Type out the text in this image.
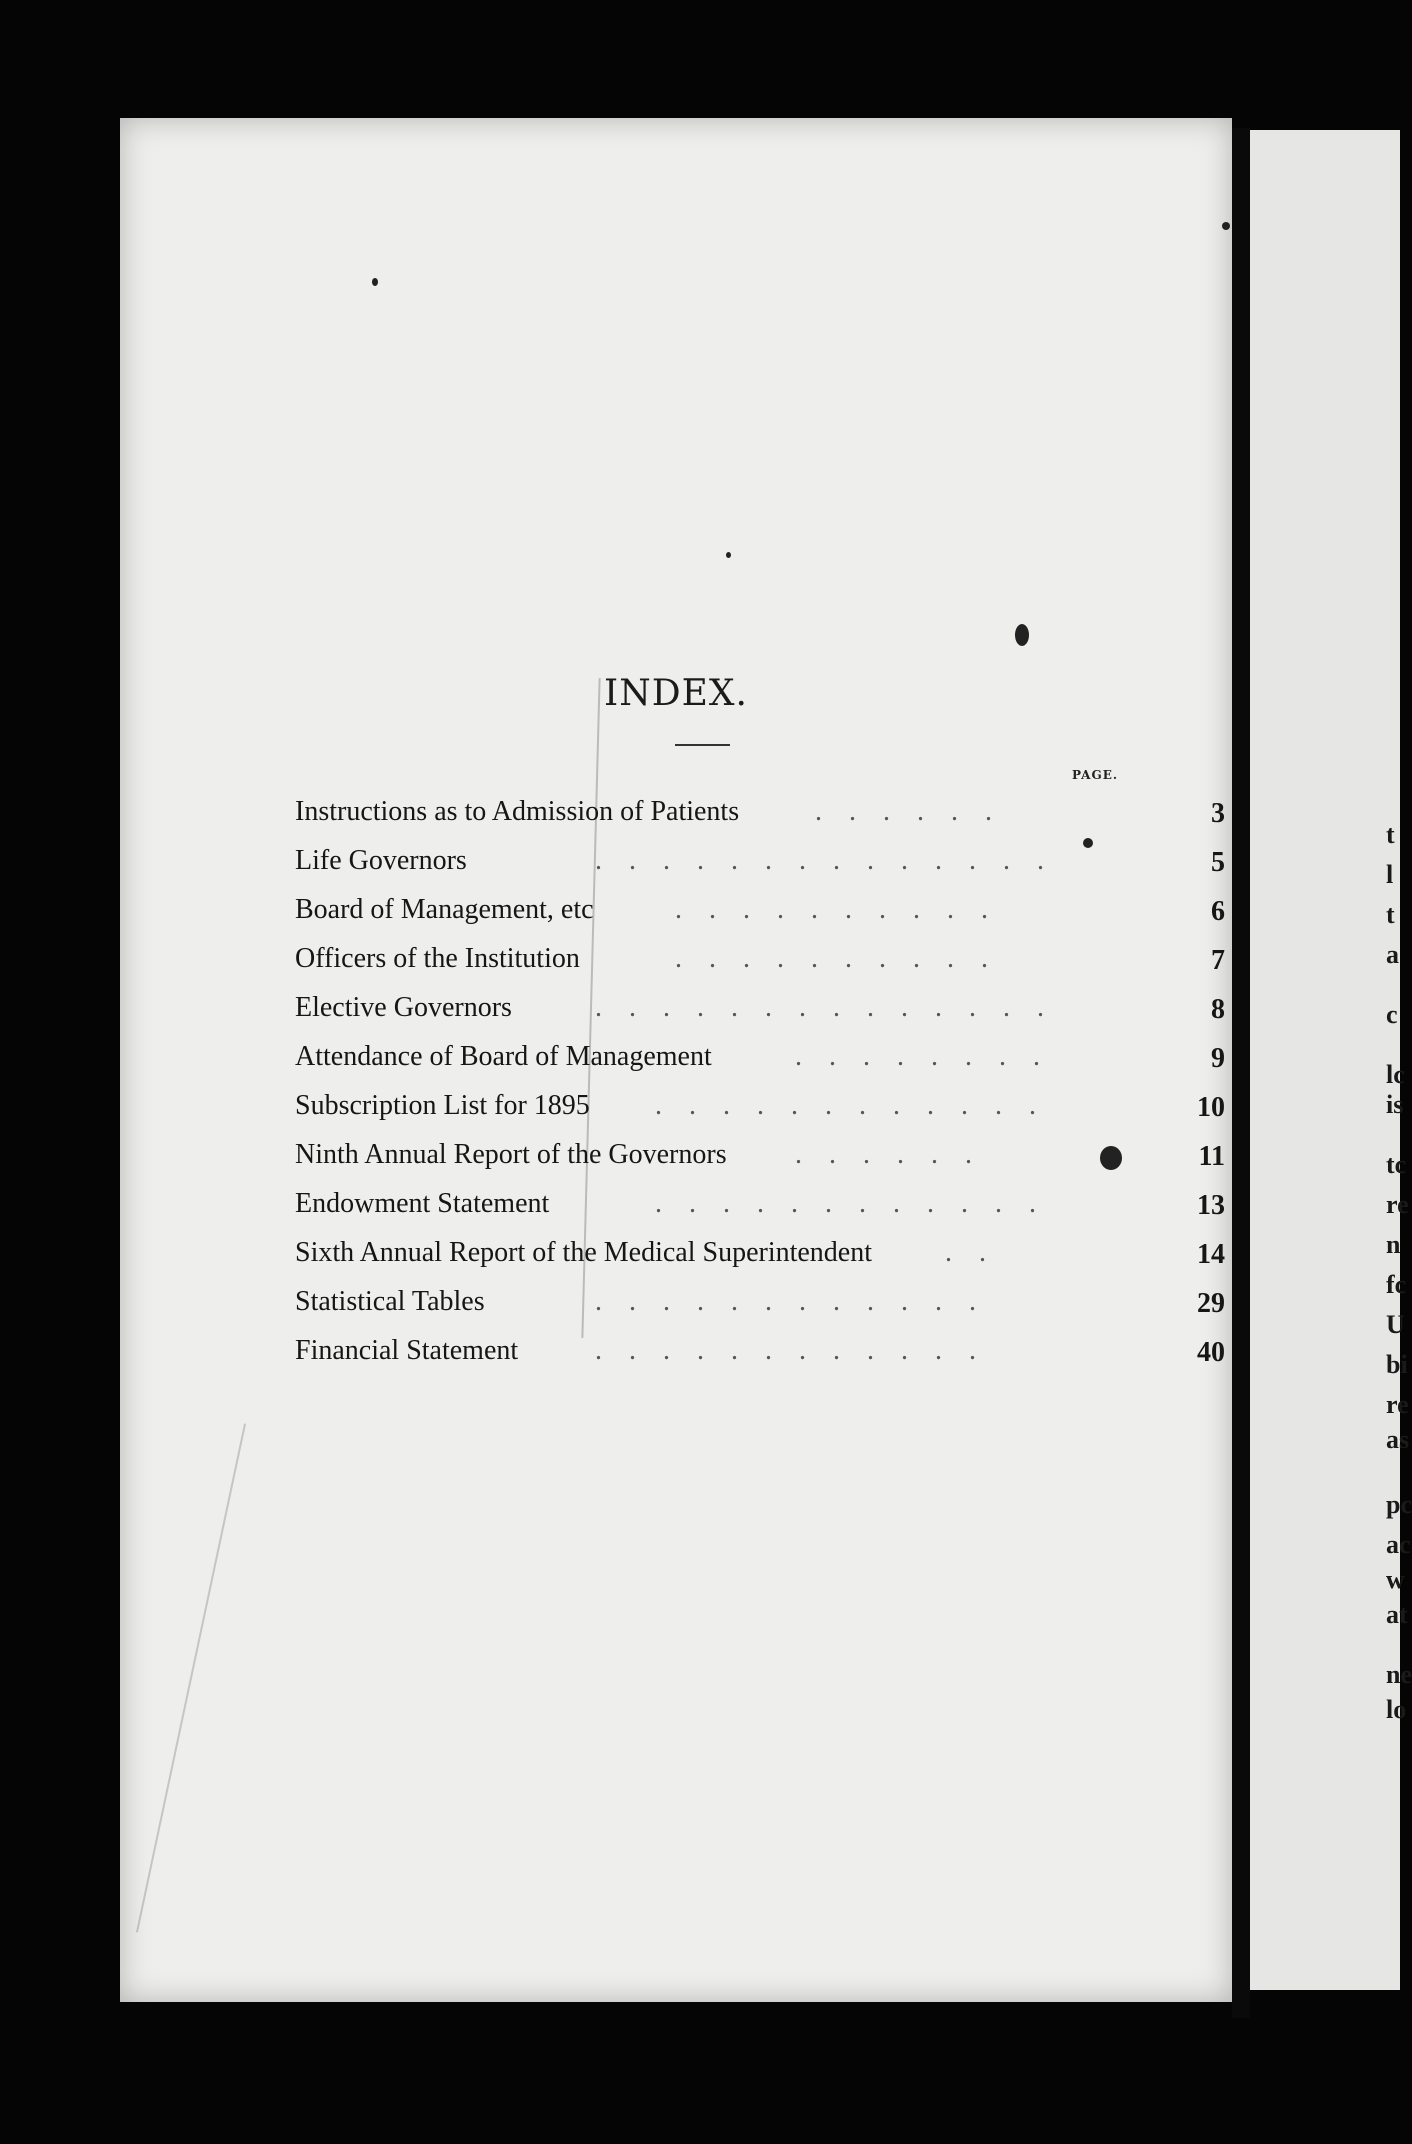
INDEX.
PAGE.
Instructions as to Admission of Patients	. . . . . .	3
Life Governors	. . . . . . . . . . . . . .	5
Board of Management, etc	. . . . . . . . . .	6
Officers of the Institution	. . . . . . . . . .	7
Elective Governors	. . . . . . . . . . . . . .	8
Attendance of Board of Management	. . . . . . . .	9
Subscription List for 1895 . . . . . . . . . . . .	10
Ninth Annual Report of the Governors . . . . . .	11
Endowment Statement	. . . . . . . . . . . .	13
Sixth Annual Report of the Medical Superintendent	. .	14
Statistical Tables	. . . . . . . . . . . .	29
Financial Statement	. . . . . . . . . . . .	40
t
l
t
a
c
lc
is
tc
re
n
fc
U
bi
re
as
pc
ac
w
at
ne
lo
